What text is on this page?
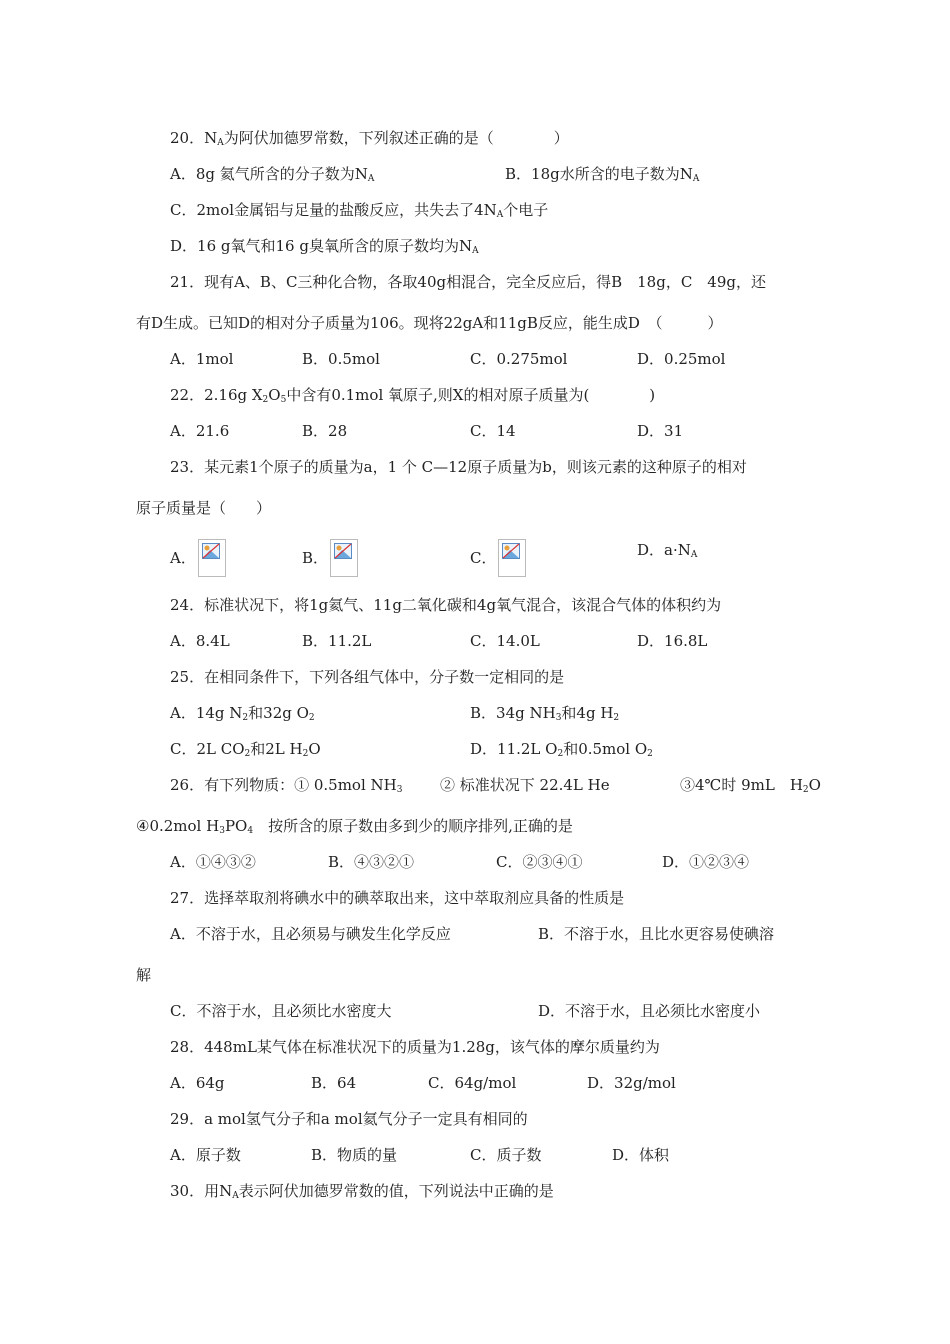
20．$N_A$为阿伏加德罗常数，下列叙述正确的是（　　　　）
A．8g 氦气所含的分子数为$N_A$	B．18g水所含的电子数为$N_A$
C．2mol金属铝与足量的盐酸反应，共失去了$4N_A$个电子
D．16 g氧气和16 g臭氧所含的原子数均为$N_A$
21．现有A、B、C三种化合物，各取40g相混合，完全反应后，得B　18g，C　49g，还
有D生成。已知D的相对分子质量为106。现将22gA和11gB反应，能生成D　（　　　）
A．1mol	B．0.5mol	C．0.275mol	D．0.25mol
22．2.16g $X_2O_5$中含有0.1mol 氧原子,则X的相对原子质量为(　　　　)
A．21.6	B．28	C．14	D．31
23．某元素1个原子的质量为a，1 个 C—12原子质量为b，则该元素的这种原子的相对
原子质量是（　　）
A．	B．	C．	D．$a\cdot N_A$
24．标准状况下，将1g氦气、11g二氧化碳和4g氧气混合，该混合气体的体积约为
A．8.4L	B．11.2L	C．14.0L	D．16.8L
25．在相同条件下，下列各组气体中，分子数一定相同的是
A．14g $N_2$和32g $O_2$	B．34g $NH_3$和4g $H_2$
C．2L $CO_2$和2L $H_2O$	D．11.2L $O_2$和0.5mol $O_2$
26．有下列物质：① 0.5mol $NH_3$	② 标准状况下 22.4L He	③4℃时 9mL　$H_2O$
④0.2mol $H_3PO_4$　按所含的原子数由多到少的顺序排列,正确的是
A．①④③②	B．④③②①	C．②③④①	D．①②③④
27．选择萃取剂将碘水中的碘萃取出来，这中萃取剂应具备的性质是
A．不溶于水，且必须易与碘发生化学反应	B．不溶于水，且比水更容易使碘溶
解
C．不溶于水，且必须比水密度大	D．不溶于水，且必须比水密度小
28．448mL某气体在标准状况下的质量为1.28g，该气体的摩尔质量约为
A．64g	B．64	C．64g/mol	D．32g/mol
29．a mol氢气分子和a mol氦气分子一定具有相同的
A．原子数	B．物质的量	C．质子数	D．体积
30．用$N_A$表示阿伏加德罗常数的值，下列说法中正确的是
